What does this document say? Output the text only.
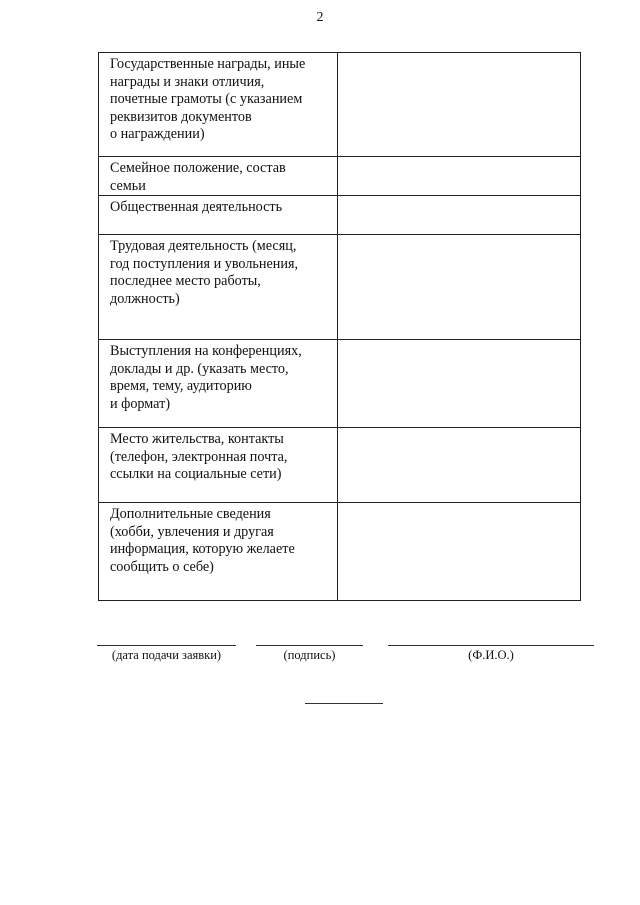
2
Государственные награды, иные
награды и знаки отличия,
почетные грамоты (с указанием
реквизитов документов
о награждении)	
Семейное положение, состав
семьи	
Общественная деятельность	
Трудовая деятельность (месяц,
год поступления и увольнения,
последнее место работы,
должность)	
Выступления на конференциях,
доклады и др. (указать место,
время, тему, аудиторию
и формат)	
Место жительства, контакты
(телефон, электронная почта,
ссылки на социальные сети)	
Дополнительные сведения
(хобби, увлечения и другая
информация, которую желаете
сообщить о себе)	
(дата подачи заявки)	(подпись)	(Ф.И.О.)
